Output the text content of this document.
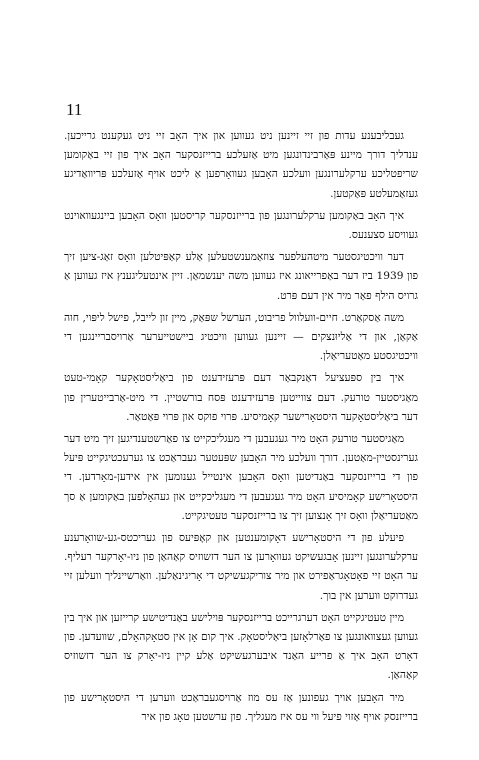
11

געבליבענע עדות פון זיי זיינען ניט געווען און איך האָב זיי ניט געקענט גרייכען. ענדליך דורך מיינע פּאַרבינדונגען מיט אַזעלכע ברייזנסקער האָב איך פון זיי באַקומען שריפטליכע ערקלערונגען וועלכע האָבען געוואָרפען אַ ליכט אויף אַזעלכע פּריוואַדיגע געזאַמעלטע פּאַקטען.

איך האָב באַקומען ערקלערונגען פון ברייזנסקער קריסטען וואָס האָבען ביינגעוואוינט געוויסע סצענעס.

דער וויכטיגסטער מיטהעלפער צוזאַמענשטעלען אַלע קאַפּיטלען וואָס זאַג-ציען זיך פון 1939 ביז דער באַפרייאונג איז געווען משה יענשמאַן. זיין אינטעליגענץ איז געווען אַ גרויס הילף פאַר מיר אין דעם פּרט.

משה אַסקאַרט. חיים-וועלוול פריבוט, הערשל שפּאַק, מיין זון לייבל, פישל ליפּוי, חוה אַקאַן, און די אַליוּנצקים — זיינען געווען וויכטיג ביישטייערער אַרויסבריינגען די וויכטיגסטע מאַטעריאַלן.

איך בין ספּעציעל דאַנקבאַר דעם פּרעזידענט פון ביאַליסטאָקער קאָמי-טעט מאַגיסטער טורעק. דעם צווייטען פּרעזידענט פּסח בורשטיין. די מיט-אַרבייטערין פון דער ביאַליסטאָקער היסטאָרישער קאָמיסיע. פּרוי פוקס און פּרוי פּאַטאַר.

מאַגיסטער טורעק האָט מיר געגעבען די מעגליכקייט צו פאַרשטענדיגען זיך מיט דער גערינסטיין-מאַטען. דורך וועלכע מיר האָבען שפּעטער געבראַכט צו גערעכטיגקייט פּיעל פון די ברייזנסקער באַנדיטען וואָס האָבען אינטייל גענומען אין אידען-מאָרדען. די היסטאָרישע קאָמיסיע האָט מיר געגעבען די מעגליכקייט און געהאָלפען באַקומען אַ סך מאַטעריאַלן וואָס זיך אָנצוען זיך צו ברייזנסקער טעטיגקייט.

פיעלע פון די היסטאָרישע דאָקומענטען און קאָפּיעס פון געריכטס-גע-שוואָרענע ערקלערונגען זיינען אָבגעשיקט געוואָרען צו הער דזשוזיס קאַהאַן פון ניו-יאָרקער רעליף. ער האָט זיי פאָטאָגראַפירט און מיר צוריקגעשיקט די אָריגינאַלען. וואַרשיינליך וועלען זיי געדרוקט ווערען אין בוך.

מיין טעטיגקייט האָט דערגרייכט ברייזנסקער פּוילישע באַנדיטישע קרייזען און איך בין געווען געצוואונגען צו פאַרלאָזען ביאַליסטאָק. איך קום אָן אין סטאָקהאָלם, שוועדען. פון דאָרט האָב איך אַ פרייע האַנד איבערגעשיקט אַלע קיין ניו-יאָרק צו הער דזשוזיס קאַהאַן.

מיר האָבען אויך געפונען אַז עס מוז אַרויסגעבראַכט ווערען די היסטאָרישע פון ברייזנסק אויף אַזוי פיעל ווי עס איז מעגליך. פון ערשטען טאָג פון איר
